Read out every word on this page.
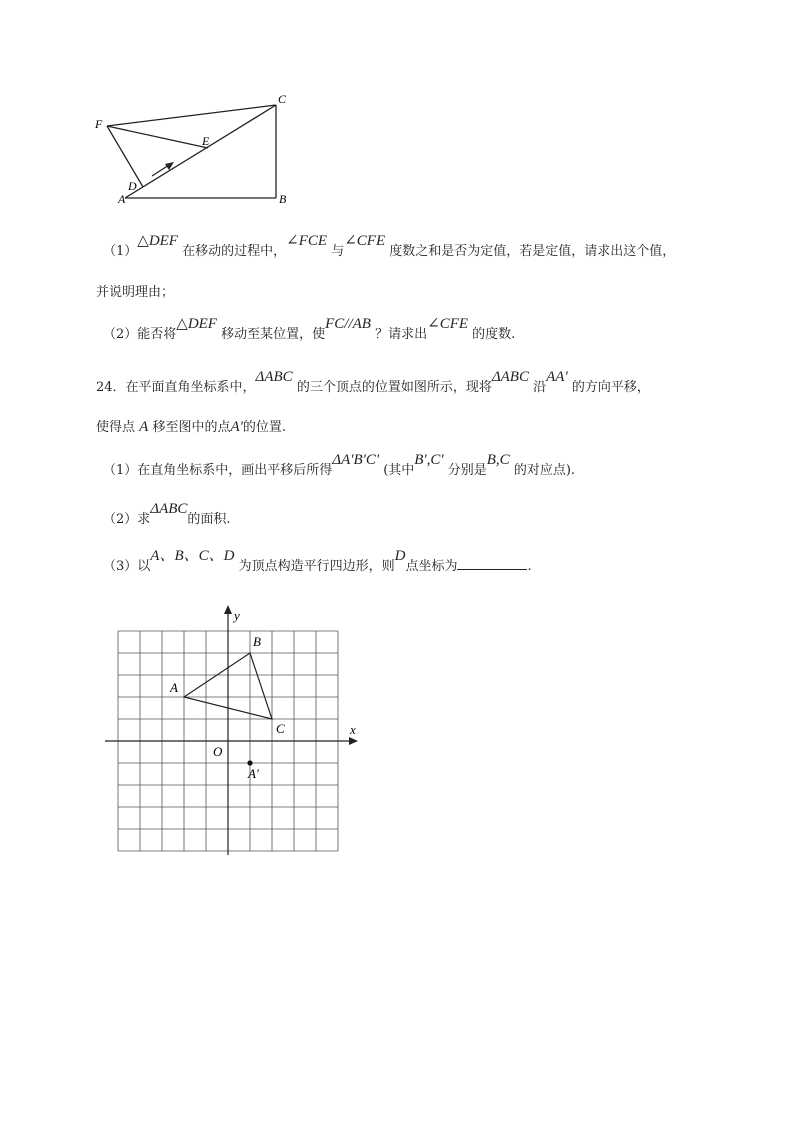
F
C
E
D
A	B
（1）△DEF 在移动的过程中，∠FCE 与∠CFE 度数之和是否为定值，若是定值，请求出这个值，
并说明理由；
（2）能否将△DEF 移动至某位置，使FC//AB ？请求出∠CFE 的度数.
24．在平面直角坐标系中，ΔABC 的三个顶点的位置如图所示，现将ΔABC 沿AA' 的方向平移，
使得点 A 移至图中的点A'的位置.
（1）在直角坐标系中，画出平移后所得ΔA'B'C' (其中B',C' 分别是B,C 的对应点).
（2）求ΔABC的面积.
（3）以A、B、C、D 为顶点构造平行四边形，则D点坐标为	.
x
y
O
A
B
C
A'
